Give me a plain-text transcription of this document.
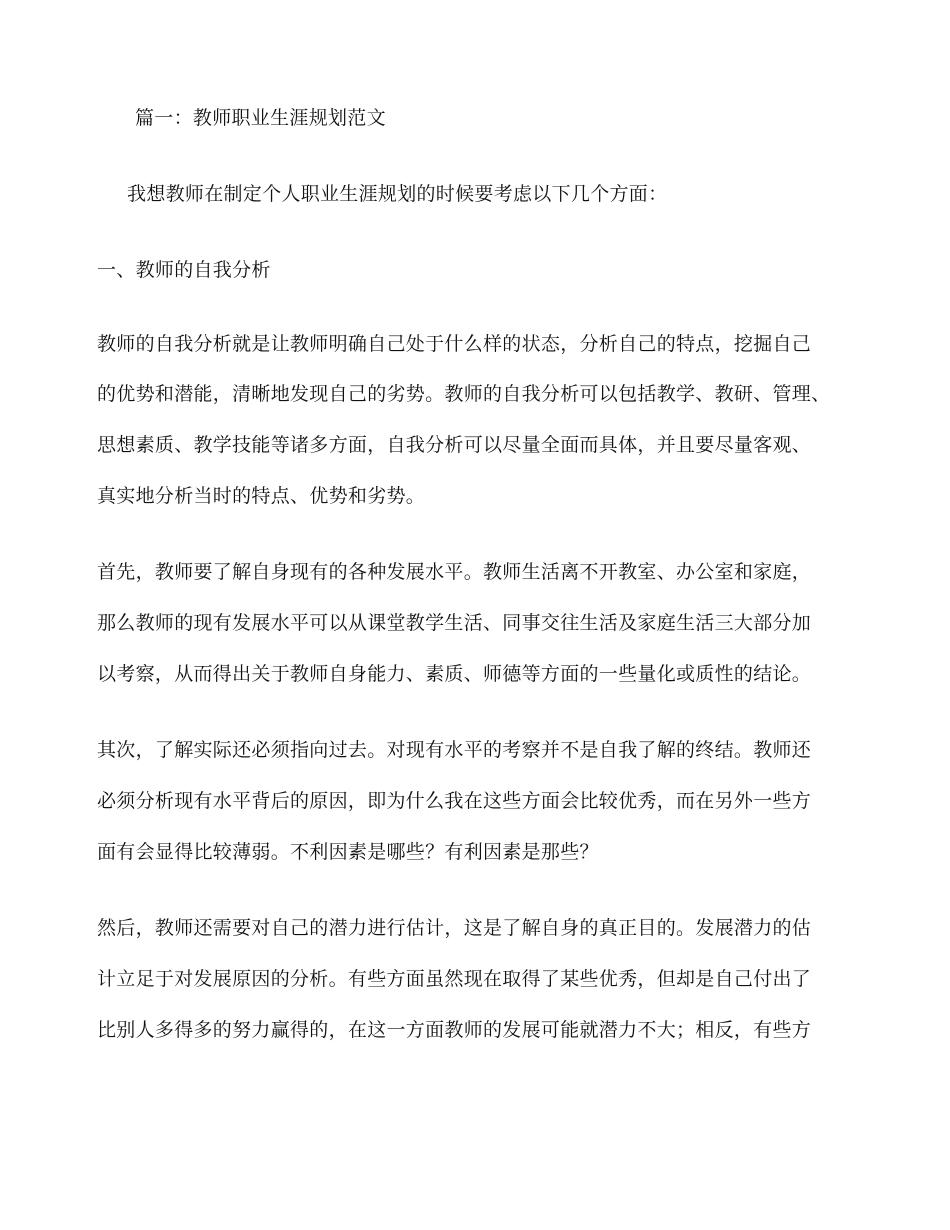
篇一：教师职业生涯规划范文
我想教师在制定个人职业生涯规划的时候要考虑以下几个方面：
一、教师的自我分析
教师的自我分析就是让教师明确自己处于什么样的状态，分析自己的特点，挖掘自己
的优势和潜能，清晰地发现自己的劣势。教师的自我分析可以包括教学、教研、管理、
思想素质、教学技能等诸多方面，自我分析可以尽量全面而具体，并且要尽量客观、
真实地分析当时的特点、优势和劣势。
首先，教师要了解自身现有的各种发展水平。教师生活离不开教室、办公室和家庭，
那么教师的现有发展水平可以从课堂教学生活、同事交往生活及家庭生活三大部分加
以考察，从而得出关于教师自身能力、素质、师德等方面的一些量化或质性的结论。
其次，了解实际还必须指向过去。对现有水平的考察并不是自我了解的终结。教师还
必须分析现有水平背后的原因，即为什么我在这些方面会比较优秀，而在另外一些方
面有会显得比较薄弱。不利因素是哪些？有利因素是那些？
然后，教师还需要对自己的潜力进行估计，这是了解自身的真正目的。发展潜力的估
计立足于对发展原因的分析。有些方面虽然现在取得了某些优秀，但却是自己付出了
比别人多得多的努力赢得的，在这一方面教师的发展可能就潜力不大；相反，有些方
